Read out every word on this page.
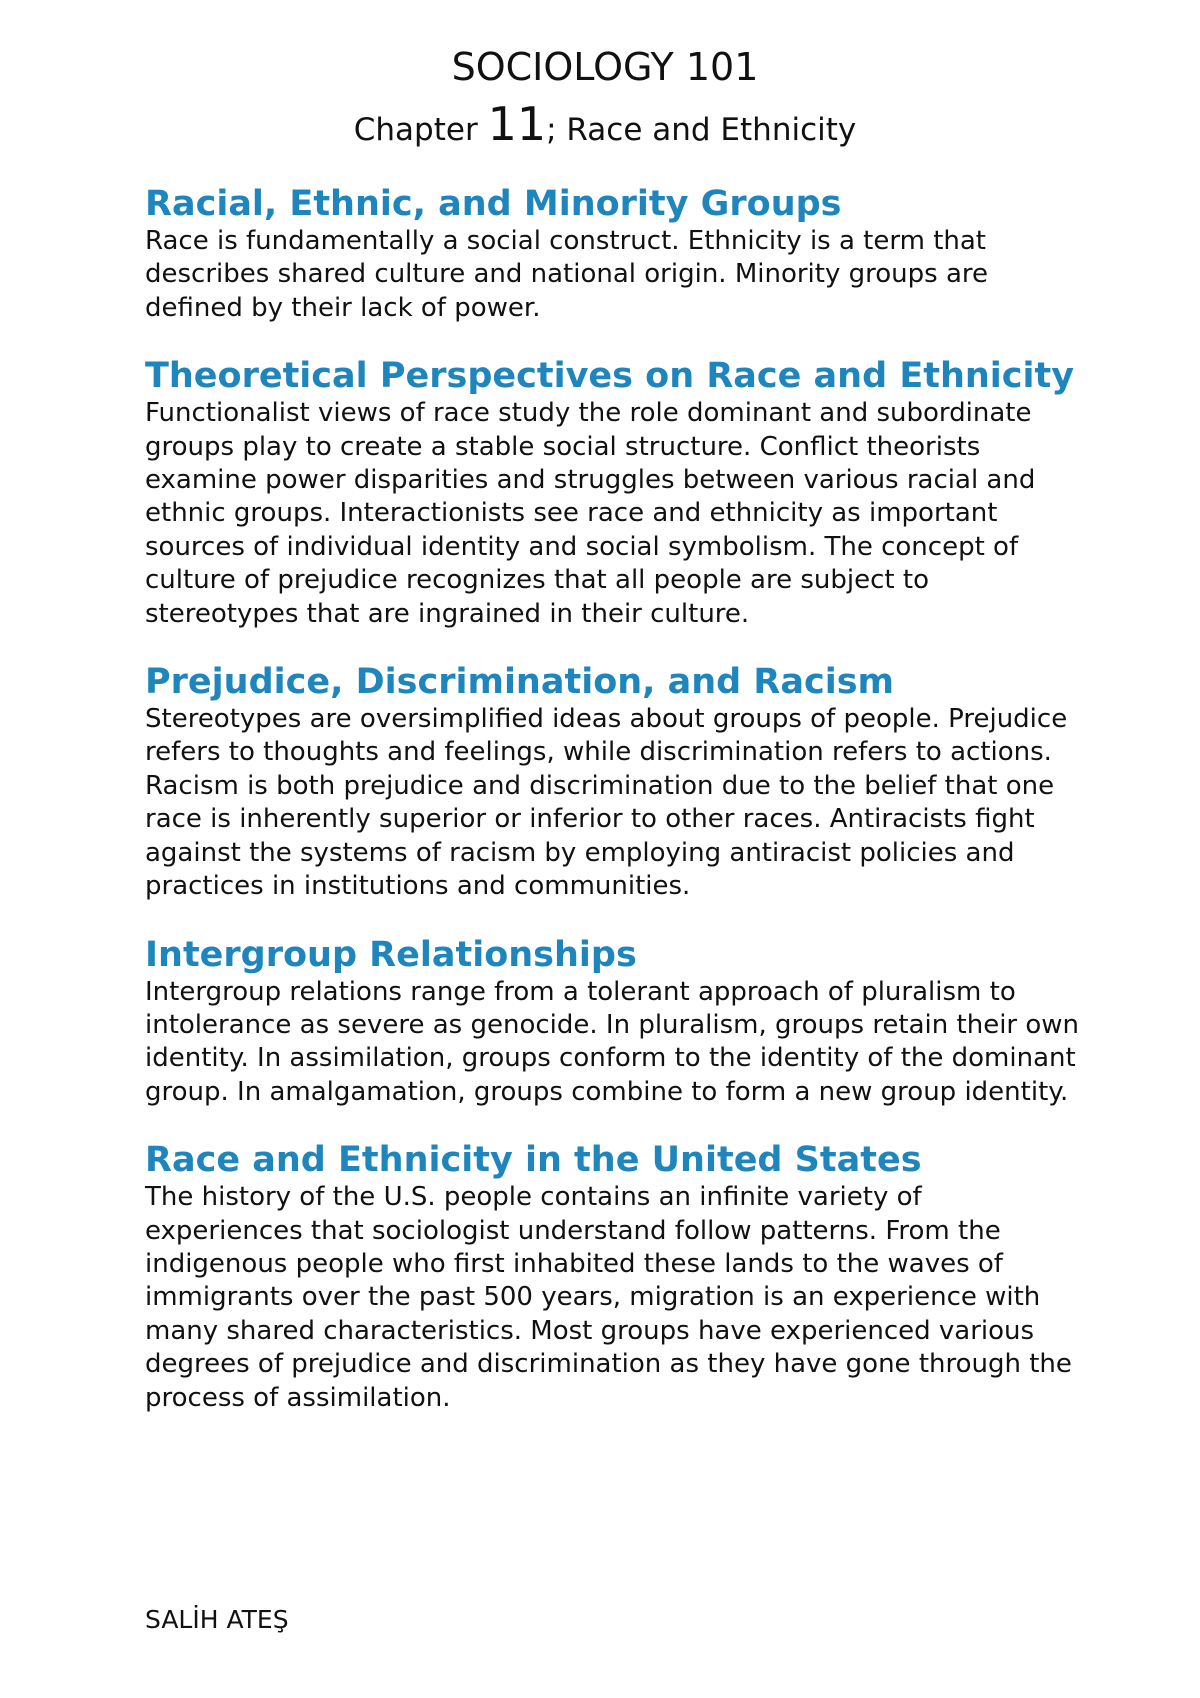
SOCIOLOGY 101

Chapter 11; Race and Ethnicity

Racial, Ethnic, and Minority Groups

Race is fundamentally a social construct. Ethnicity is a term that describes shared culture and national origin. Minority groups are defined by their lack of power.

Theoretical Perspectives on Race and Ethnicity

Functionalist views of race study the role dominant and subordinate groups play to create a stable social structure. Conflict theorists examine power disparities and struggles between various racial and ethnic groups. Interactionists see race and ethnicity as important sources of individual identity and social symbolism. The concept of culture of prejudice recognizes that all people are subject to stereotypes that are ingrained in their culture.

Prejudice, Discrimination, and Racism

Stereotypes are oversimplified ideas about groups of people. Prejudice refers to thoughts and feelings, while discrimination refers to actions. Racism is both prejudice and discrimination due to the belief that one race is inherently superior or inferior to other races. Antiracists fight against the systems of racism by employing antiracist policies and practices in institutions and communities.

Intergroup Relationships

Intergroup relations range from a tolerant approach of pluralism to intolerance as severe as genocide. In pluralism, groups retain their own identity. In assimilation, groups conform to the identity of the dominant group. In amalgamation, groups combine to form a new group identity.

Race and Ethnicity in the United States

The history of the U.S. people contains an infinite variety of experiences that sociologist understand follow patterns. From the indigenous people who first inhabited these lands to the waves of immigrants over the past 500 years, migration is an experience with many shared characteristics. Most groups have experienced various degrees of prejudice and discrimination as they have gone through the process of assimilation.

SALİH ATEŞ
